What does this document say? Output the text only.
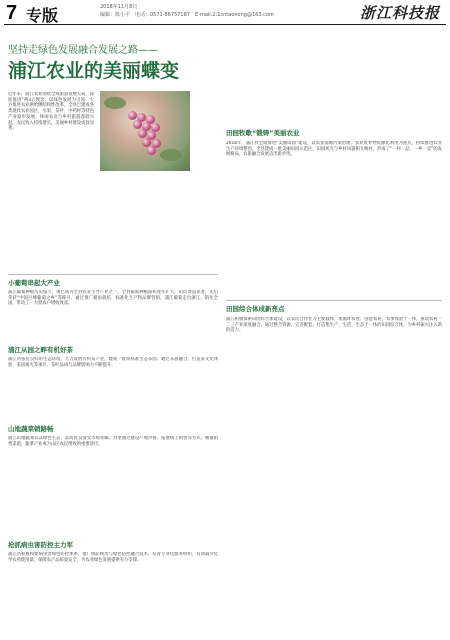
7 专版	2018年11月8日
编辑：陈小平　电话：0571-86757187　E-mail:2:1cntaonong@163.com	浙江科技报
坚持走绿色发展融合发展之路——
浦江农业的美丽蝶变
近年来，浦江农业围绕全域旅游发展大局，深度推进“两山”理念，以绿色发展为引领，大力推进农业供给侧结构性改革，全县已建成各类现代农业园区，水果、茶叶、中药材等特色产业稳步发展，休闲农业与乡村旅游蓬勃兴起，农民收入持续增长，美丽乡村建设成效显著。
小葡萄串起大产业
浦江葡萄种植历史悠久，现已成为全县农业主导产业之一。全县葡萄种植面积逐年扩大，亩均效益显著，先后荣获“中国巨峰葡萄之乡”等称号。通过推广避雨栽培、标准化生产和品牌营销，浦江葡萄走出浙江、销往全国，带动了一大批农户增收致富。
浦江从园之畔有机好茶
浦江县依托良好的生态环境，大力发展有机茶产业，建成一批高标准生态茶园。通过茶旅融合，打造茶文化体验、茶园观光等项目，茶叶品质与品牌影响力不断提升。
山地蔬菜销路畅
浦江山地蔬菜以其绿色生态、品质优良深受市场青睐。县里通过建设产地冷链、拓展线上销售等方式，畅通销售渠道，蔬菜产业成为山区农民增收的重要途径。
抢抓病虫害防控主力军
浦江县积极构建病虫害绿色防控体系，推广统防统治与绿色防控融合技术，培育专业化服务组织，有效减少化学农药使用量，保障农产品质量安全，为农业绿色发展提供有力支撑。
田园牧歌“锻铸”美丽农业
2018年，浦江县全面推进“美丽田园”建设，以农业面源污染治理、农业废弃物资源化利用为重点，持续推进农业生产环境整治。全县建成一批美丽田园示范区，田园风光与乡村风貌相互映衬，形成了“一村一品、一乡一景”的发展格局，农旅融合发展迈出新步伐。
田园综合体成新亮点
浦江积极探索田园综合体建设，以农民合作社为主要载体，集循环农业、创意农业、农事体验于一体，推动农村一二三产业深度融合。通过整合资源、完善配套，打造集生产、生活、生态于一体的田园综合体，为乡村振兴注入新的活力。
